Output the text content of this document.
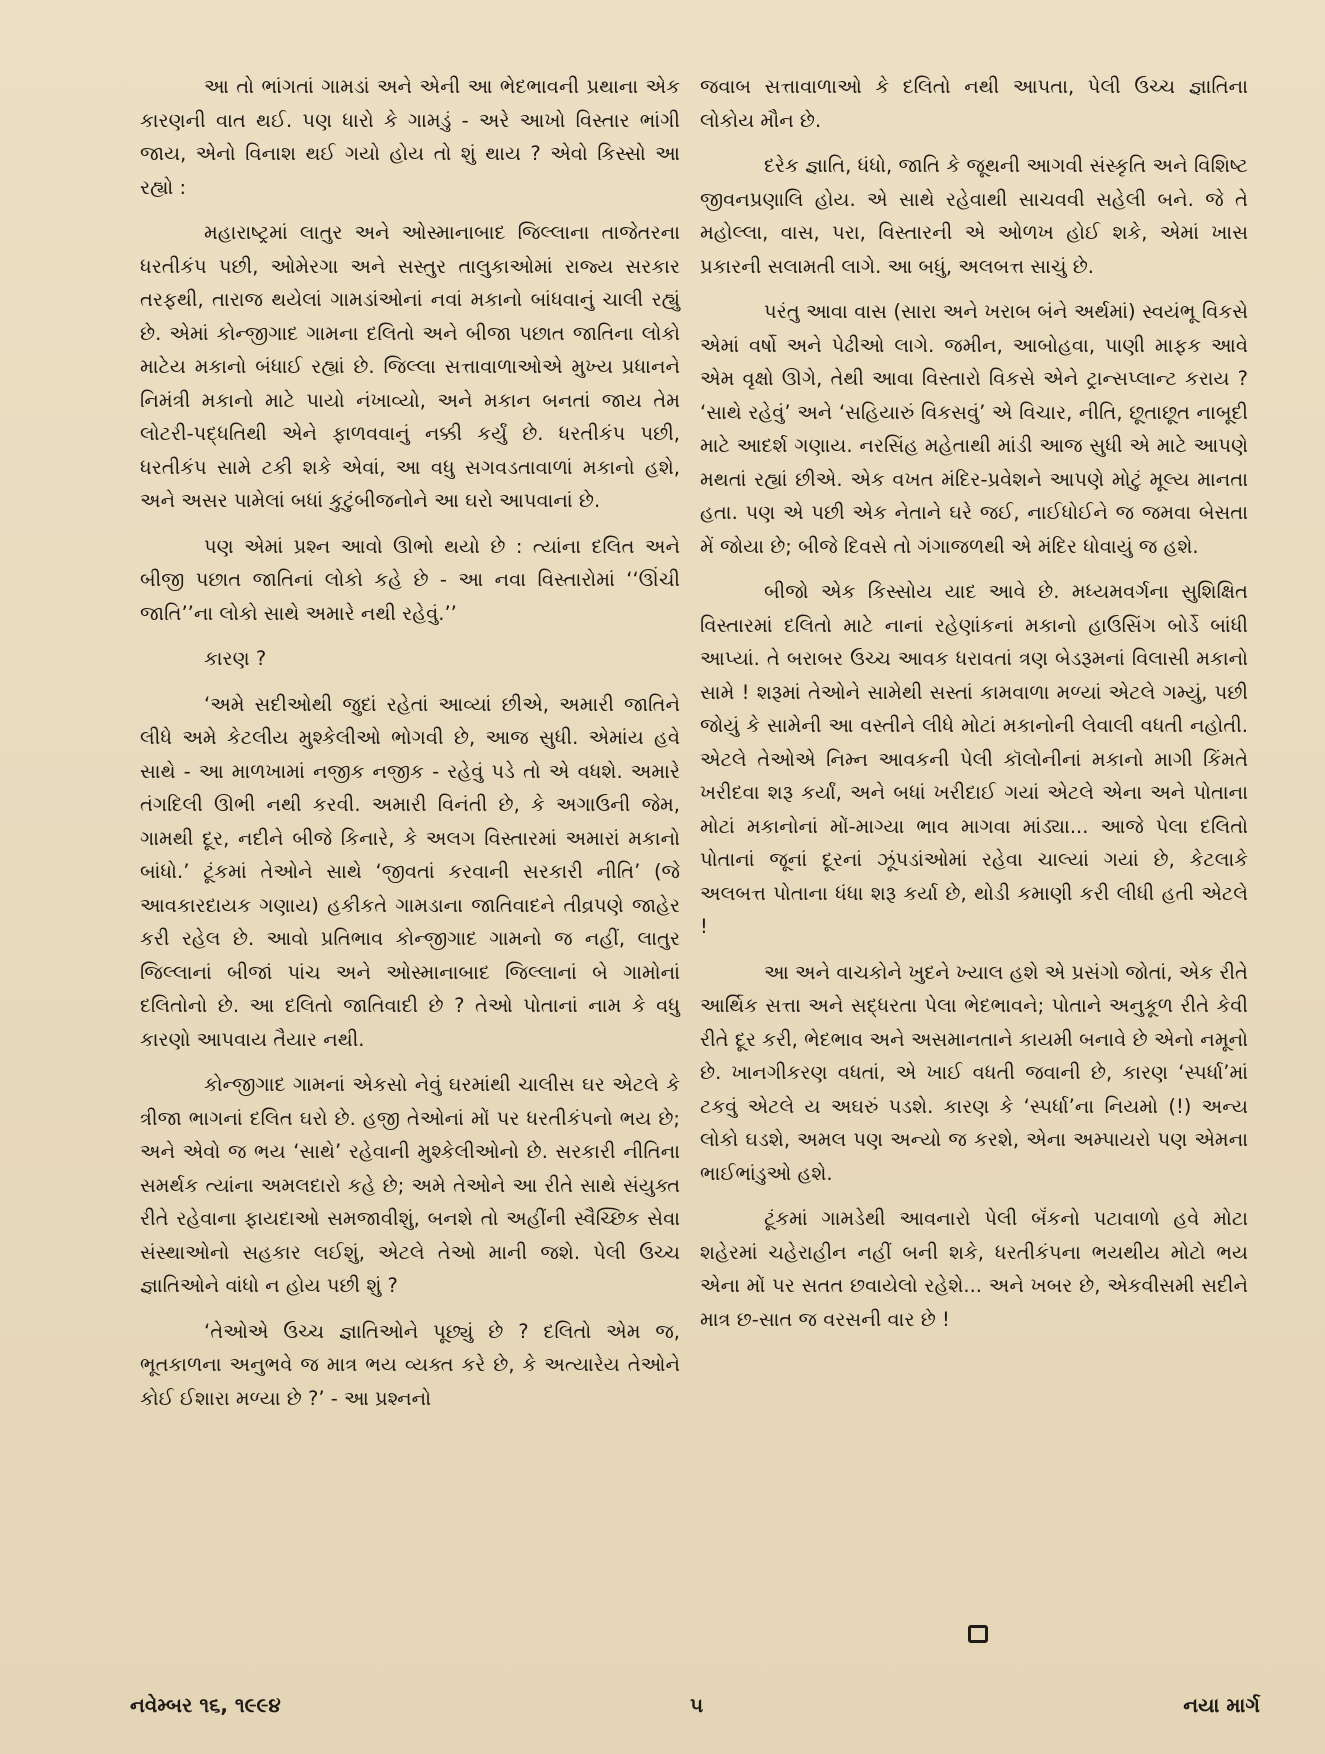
આ તો ભાંગતાં ગામડાં અને એની આ ભેદભાવની પ્રથાના એક કારણની વાત થઈ. પણ ધારો કે ગામડું - અરે આખો વિસ્તાર ભાંગી જાય, એનો વિનાશ થઈ ગયો હોય તો શું થાય ? એવો કિસ્સો આ રહ્યો :

મહારાષ્ટ્રમાં લાતુર અને ઓસ્માનાબાદ જિલ્લાના તાજેતરના ધરતીકંપ પછી, ઓમેરગા અને સસ્તુર તાલુકાઓમાં રાજ્ય સરકાર તરફથી, તારાજ થયેલાં ગામડાંઓનાં નવાં મકાનો બાંધવાનું ચાલી રહ્યું છે. એમાં કોન્જીગાદ ગામના દલિતો અને બીજા પછાત જાતિના લોકો માટેય મકાનો બંધાઈ રહ્યાં છે. જિલ્લા સત્તાવાળાઓએ મુખ્ય પ્રધાનને નિમંત્રી મકાનો માટે પાયો નંખાવ્યો, અને મકાન બનતાં જાય તેમ લોટરી-પદ્ધતિથી એને ફાળવવાનું નક્કી કર્યું છે. ધરતીકંપ પછી, ધરતીકંપ સામે ટકી શકે એવાં, આ વધુ સગવડતાવાળાં મકાનો હશે, અને અસર પામેલાં બધાં કુટુંબીજનોને આ ઘરો આપવાનાં છે.

પણ એમાં પ્રશ્ન આવો ઊભો થયો છે : ત્યાંના દલિત અને બીજી પછાત જાતિનાં લોકો કહે છે - આ નવા વિસ્તારોમાં ‘‘ઊંચી જાતિ’’ના લોકો સાથે અમારે નથી રહેવું.’’

કારણ ?

‘અમે સદીઓથી જુદાં રહેતાં આવ્યાં છીએ, અમારી જાતિને લીધે અમે કેટલીય મુશ્કેલીઓ ભોગવી છે, આજ સુધી. એમાંય હવે સાથે - આ માળખામાં નજીક નજીક - રહેવું પડે તો એ વધશે. અમારે તંગદિલી ઊભી નથી કરવી. અમારી વિનંતી છે, કે અગાઉની જેમ, ગામથી દૂર, નદીને બીજે કિનારે, કે અલગ વિસ્તારમાં અમારાં મકાનો બાંધો.’ ટૂંકમાં તેઓને સાથે ‘જીવતાં કરવાની સરકારી નીતિ’ (જે આવકારદાયક ગણાય) હકીકતે ગામડાના જાતિવાદને તીવ્રપણે જાહેર કરી રહેલ છે. આવો પ્રતિભાવ કોન્જીગાદ ગામનો જ નહીં, લાતુર જિલ્લાનાં બીજાં પાંચ અને ઓસ્માનાબાદ જિલ્લાનાં બે ગામોનાં દલિતોનો છે. આ દલિતો જાતિવાદી છે ? તેઓ પોતાનાં નામ કે વધુ કારણો આપવાય તૈયાર નથી.

કોન્જીગાદ ગામનાં એકસો નેવું ઘરમાંથી ચાલીસ ઘર એટલે કે ત્રીજા ભાગનાં દલિત ઘરો છે. હજી તેઓનાં મોં પર ધરતીકંપનો ભય છે; અને એવો જ ભય ‘સાથે’ રહેવાની મુશ્કેલીઓનો છે. સરકારી નીતિના સમર્થક ત્યાંના અમલદારો કહે છે; અમે તેઓને આ રીતે સાથે સંયુક્ત રીતે રહેવાના ફાયદાઓ સમજાવીશું, બનશે તો અહીંની સ્વૈચ્છિક સેવા સંસ્થાઓનો સહકાર લઈશું, એટલે તેઓ માની જશે. પેલી ઉચ્ચ જ્ઞાતિઓને વાંધો ન હોય પછી શું ?

‘તેઓએ ઉચ્ચ જ્ઞાતિઓને પૂછ્યું છે ? દલિતો એમ જ, ભૂતકાળના અનુભવે જ માત્ર ભય વ્યક્ત કરે છે, કે અત્યારેય તેઓને કોઈ ઈશારા મળ્યા છે ?’ - આ પ્રશ્નનો

જવાબ સત્તાવાળાઓ કે દલિતો નથી આપતા, પેલી ઉચ્ચ જ્ઞાતિના લોકોય મૌન છે.

દરેક જ્ઞાતિ, ધંધો, જાતિ કે જૂથની આગવી સંસ્કૃતિ અને વિશિષ્ટ જીવનપ્રણાલિ હોય. એ સાથે રહેવાથી સાચવવી સહેલી બને. જે તે મહોલ્લા, વાસ, પરા, વિસ્તારની એ ઓળખ હોઈ શકે, એમાં ખાસ પ્રકારની સલામતી લાગે. આ બધું, અલબત્ત સાચું છે.

પરંતુ આવા વાસ (સારા અને ખરાબ બંને અર્થમાં) સ્વયંભૂ વિકસે એમાં વર્ષો અને પેઢીઓ લાગે. જમીન, આબોહવા, પાણી માફક આવે એમ વૃક્ષો ઊગે, તેથી આવા વિસ્તારો વિકસે એને ટ્રાન્સપ્લાન્ટ કરાય ? ‘સાથે રહેવું’ અને ‘સહિયારું વિકસવું’ એ વિચાર, નીતિ, છૂતાછૂત નાબૂદી માટે આદર્શ ગણાય. નરસિંહ મહેતાથી માંડી આજ સુધી એ માટે આપણે મથતાં રહ્યાં છીએ. એક વખત મંદિર-પ્રવેશને આપણે મોટું મૂલ્ય માનતા હતા. પણ એ પછી એક નેતાને ઘરે જઈ, નાઈધોઈને જ જમવા બેસતા મેં જોયા છે; બીજે દિવસે તો ગંગાજળથી એ મંદિર ધોવાયું જ હશે.

બીજો એક કિસ્સોય યાદ આવે છે. મધ્યમવર્ગના સુશિક્ષિત વિસ્તારમાં દલિતો માટે નાનાં રહેણાંકનાં મકાનો હાઉસિંગ બોર્ડે બાંધી આપ્યાં. તે બરાબર ઉચ્ચ આવક ધરાવતાં ત્રણ બેડરૂમનાં વિલાસી મકાનો સામે ! શરૂમાં તેઓને સામેથી સસ્તાં કામવાળા મળ્યાં એટલે ગમ્યું, પછી જોયું કે સામેની આ વસ્તીને લીધે મોટાં મકાનોની લેવાલી વધતી નહોતી. એટલે તેઓએ નિમ્ન આવકની પેલી કૉલોનીનાં મકાનો માગી કિંમતે ખરીદવા શરૂ કર્યાં, અને બધાં ખરીદાઈ ગયાં એટલે એના અને પોતાના મોટાં મકાનોનાં મોં-માગ્યા ભાવ માગવા માંડ્યા... આજે પેલા દલિતો પોતાનાં જૂનાં દૂરનાં ઝૂંપડાંઓમાં રહેવા ચાલ્યાં ગયાં છે, કેટલાકે અલબત્ત પોતાના ધંધા શરૂ કર્યા છે, થોડી કમાણી કરી લીધી હતી એટલે !

આ અને વાચકોને ખુદને ખ્યાલ હશે એ પ્રસંગો જોતાં, એક રીતે આર્થિક સત્તા અને સદ્ધરતા પેલા ભેદભાવને; પોતાને અનુકૂળ રીતે કેવી રીતે દૂર કરી, ભેદભાવ અને અસમાનતાને કાયમી બનાવે છે એનો નમૂનો છે. ખાનગીકરણ વધતાં, એ ખાઈ વધતી જવાની છે, કારણ ‘સ્પર્ધા’માં ટકવું એટલે ય અઘરું પડશે. કારણ કે ‘સ્પર્ધા’ના નિયમો (!) અન્ય લોકો ઘડશે, અમલ પણ અન્યો જ કરશે, એના અમ્પાયરો પણ એમના ભાઈભાંડુઓ હશે.

ટૂંકમાં ગામડેથી આવનારો પેલી બૅંકનો પટાવાળો હવે મોટા શહેરમાં ચહેરાહીન નહીં બની શકે, ધરતીકંપના ભયથીય મોટો ભય એના મોં પર સતત છવાયેલો રહેશે... અને ખબર છે, એકવીસમી સદીને માત્ર છ-સાત જ વરસની વાર છે !

નવેમ્બર ૧૬, ૧૯૯૪	૫	નયા માર્ગ
